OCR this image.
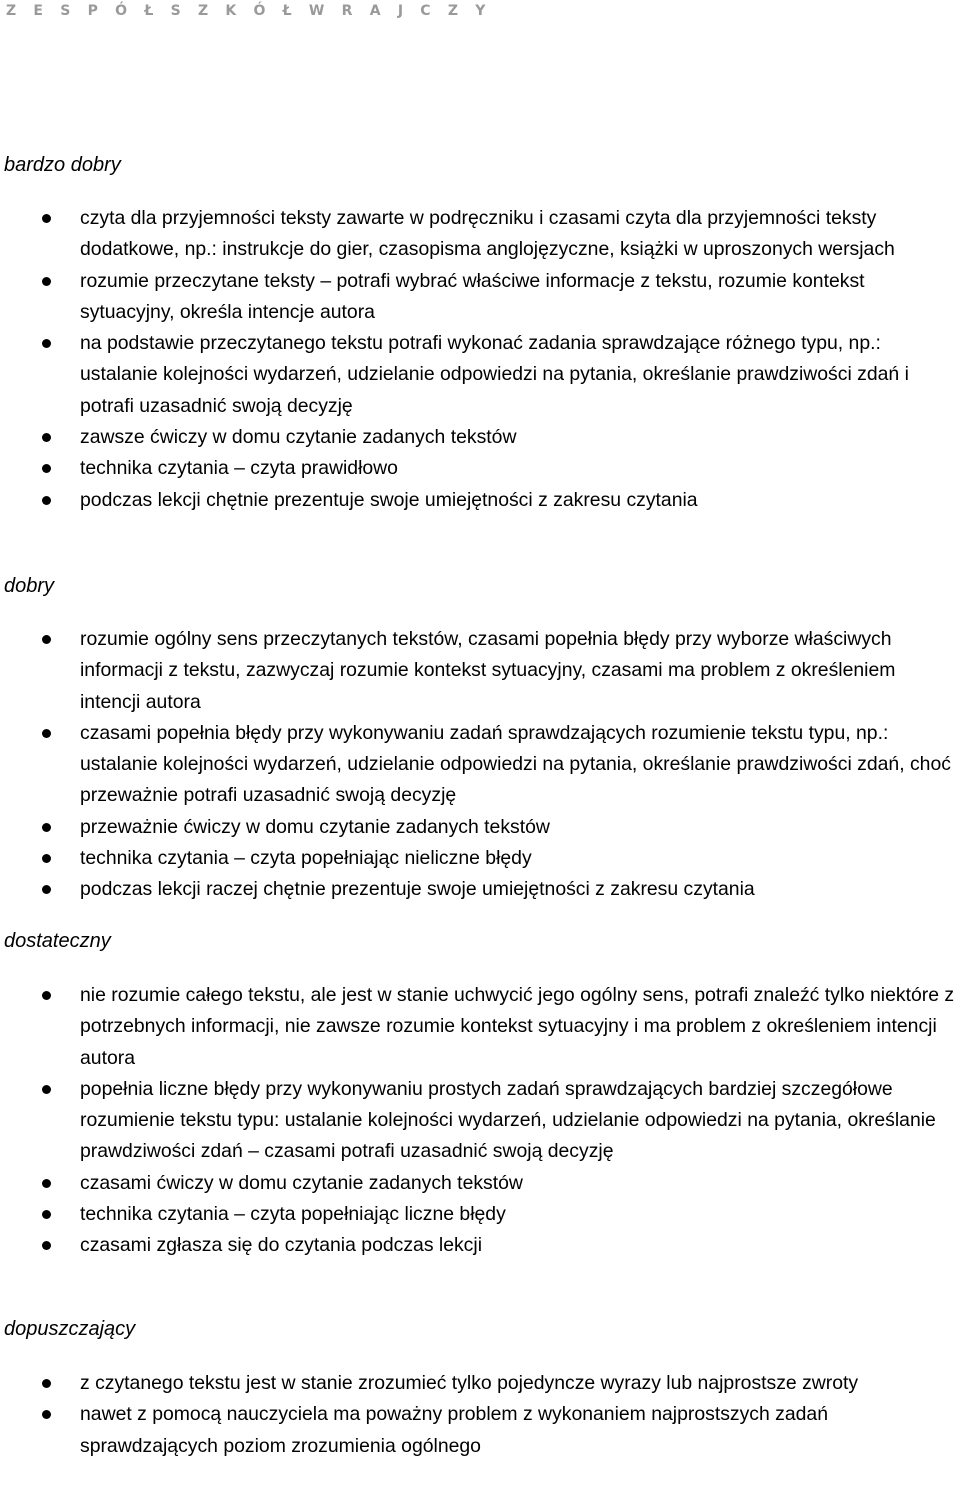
Z E S P Ó Ł S Z K Ó Ł W R A J C Z Y
bardzo dobry
czyta dla przyjemności teksty zawarte w podręczniku i czasami czyta dla przyjemności teksty dodatkowe, np.: instrukcje do gier, czasopisma anglojęzyczne, książki w uproszonych wersjach
rozumie przeczytane teksty – potrafi wybrać właściwe informacje z tekstu, rozumie kontekst sytuacyjny, określa intencje autora
na podstawie przeczytanego tekstu potrafi wykonać zadania sprawdzające różnego typu, np.: ustalanie kolejności wydarzeń, udzielanie odpowiedzi na pytania, określanie prawdziwości zdań i potrafi uzasadnić swoją decyzję
zawsze ćwiczy w domu czytanie zadanych tekstów
technika czytania – czyta prawidłowo
podczas lekcji chętnie prezentuje swoje umiejętności z zakresu czytania
dobry
rozumie ogólny sens przeczytanych tekstów, czasami popełnia błędy przy wyborze właściwych informacji z tekstu, zazwyczaj rozumie kontekst sytuacyjny, czasami ma problem z określeniem intencji autora
czasami popełnia błędy przy wykonywaniu zadań sprawdzających rozumienie tekstu typu, np.: ustalanie kolejności wydarzeń, udzielanie odpowiedzi na pytania, określanie prawdziwości zdań, choć przeważnie potrafi uzasadnić swoją decyzję
przeważnie ćwiczy w domu czytanie zadanych tekstów
technika czytania – czyta popełniając nieliczne błędy
podczas lekcji raczej chętnie prezentuje swoje umiejętności z zakresu czytania
dostateczny
nie rozumie całego tekstu, ale jest w stanie uchwycić jego ogólny sens, potrafi znaleźć tylko niektóre z potrzebnych informacji, nie zawsze rozumie kontekst sytuacyjny i ma problem z określeniem intencji autora
popełnia liczne błędy przy wykonywaniu prostych zadań sprawdzających bardziej szczegółowe rozumienie tekstu typu: ustalanie kolejności wydarzeń, udzielanie odpowiedzi na pytania, określanie prawdziwości zdań – czasami potrafi uzasadnić swoją decyzję
czasami ćwiczy w domu czytanie zadanych tekstów
technika czytania – czyta popełniając liczne błędy
czasami zgłasza się do czytania podczas lekcji
dopuszczający
z czytanego tekstu jest w stanie zrozumieć tylko pojedyncze wyrazy lub najprostsze zwroty
nawet z pomocą nauczyciela ma poważny problem z wykonaniem najprostszych zadań sprawdzających poziom zrozumienia ogólnego
